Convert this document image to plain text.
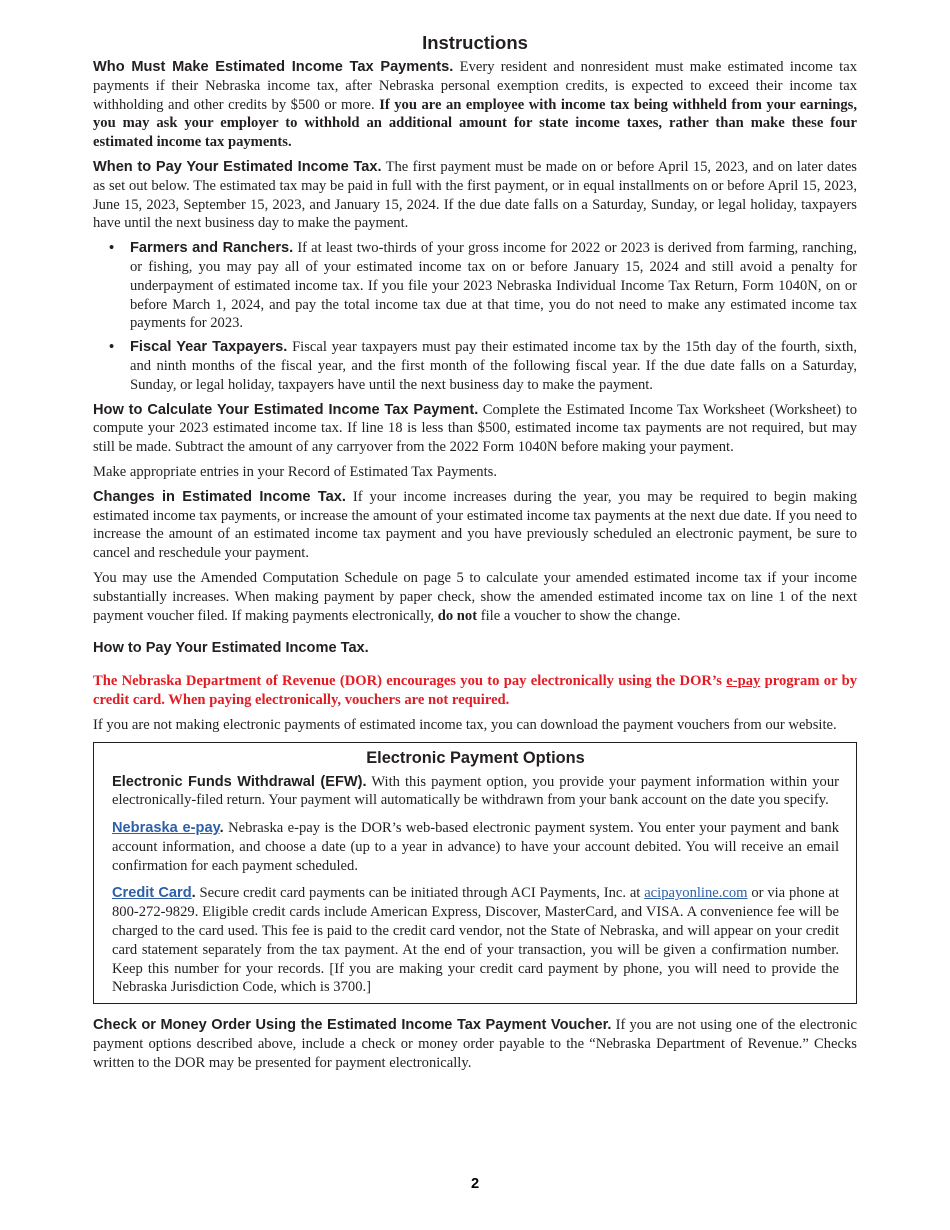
Instructions

Who Must Make Estimated Income Tax Payments. Every resident and nonresident must make estimated income tax payments if their Nebraska income tax, after Nebraska personal exemption credits, is expected to exceed their income tax withholding and other credits by $500 or more. If you are an employee with income tax being withheld from your earnings, you may ask your employer to withhold an additional amount for state income taxes, rather than make these four estimated income tax payments.

When to Pay Your Estimated Income Tax. The first payment must be made on or before April 15, 2023, and on later dates as set out below. The estimated tax may be paid in full with the first payment, or in equal installments on or before April 15, 2023, June 15, 2023, September 15, 2023, and January 15, 2024. If the due date falls on a Saturday, Sunday, or legal holiday, taxpayers have until the next business day to make the payment.

• Farmers and Ranchers. If at least two-thirds of your gross income for 2022 or 2023 is derived from farming, ranching, or fishing, you may pay all of your estimated income tax on or before January 15, 2024 and still avoid a penalty for underpayment of estimated income tax. If you file your 2023 Nebraska Individual Income Tax Return, Form 1040N, on or before March 1, 2024, and pay the total income tax due at that time, you do not need to make any estimated income tax payments for 2023.
• Fiscal Year Taxpayers. Fiscal year taxpayers must pay their estimated income tax by the 15th day of the fourth, sixth, and ninth months of the fiscal year, and the first month of the following fiscal year. If the due date falls on a Saturday, Sunday, or legal holiday, taxpayers have until the next business day to make the payment.

How to Calculate Your Estimated Income Tax Payment. Complete the Estimated Income Tax Worksheet (Worksheet) to compute your 2023 estimated income tax. If line 18 is less than $500, estimated income tax payments are not required, but may still be made. Subtract the amount of any carryover from the 2022 Form 1040N before making your payment.

Make appropriate entries in your Record of Estimated Tax Payments.

Changes in Estimated Income Tax. If your income increases during the year, you may be required to begin making estimated income tax payments, or increase the amount of your estimated income tax payments at the next due date. If you need to increase the amount of an estimated income tax payment and you have previously scheduled an electronic payment, be sure to cancel and reschedule your payment.

You may use the Amended Computation Schedule on page 5 to calculate your amended estimated income tax if your income substantially increases. When making payment by paper check, show the amended estimated income tax on line 1 of the next payment voucher filed. If making payments electronically, do not file a voucher to show the change.

How to Pay Your Estimated Income Tax.

The Nebraska Department of Revenue (DOR) encourages you to pay electronically using the DOR’s e-pay program or by credit card. When paying electronically, vouchers are not required.

If you are not making electronic payments of estimated income tax, you can download the payment vouchers from our website.

Electronic Payment Options

Electronic Funds Withdrawal (EFW). With this payment option, you provide your payment information within your electronically-filed return. Your payment will automatically be withdrawn from your bank account on the date you specify.

Nebraska e-pay. Nebraska e-pay is the DOR’s web-based electronic payment system. You enter your payment and bank account information, and choose a date (up to a year in advance) to have your account debited. You will receive an email confirmation for each payment scheduled.

Credit Card. Secure credit card payments can be initiated through ACI Payments, Inc. at acipayonline.com or via phone at 800-272-9829. Eligible credit cards include American Express, Discover, MasterCard, and VISA. A convenience fee will be charged to the card used. This fee is paid to the credit card vendor, not the State of Nebraska, and will appear on your credit card statement separately from the tax payment. At the end of your transaction, you will be given a confirmation number. Keep this number for your records. [If you are making your credit card payment by phone, you will need to provide the Nebraska Jurisdiction Code, which is 3700.]

Check or Money Order Using the Estimated Income Tax Payment Voucher. If you are not using one of the electronic payment options described above, include a check or money order payable to the “Nebraska Department of Revenue.” Checks written to the DOR may be presented for payment electronically.

2
